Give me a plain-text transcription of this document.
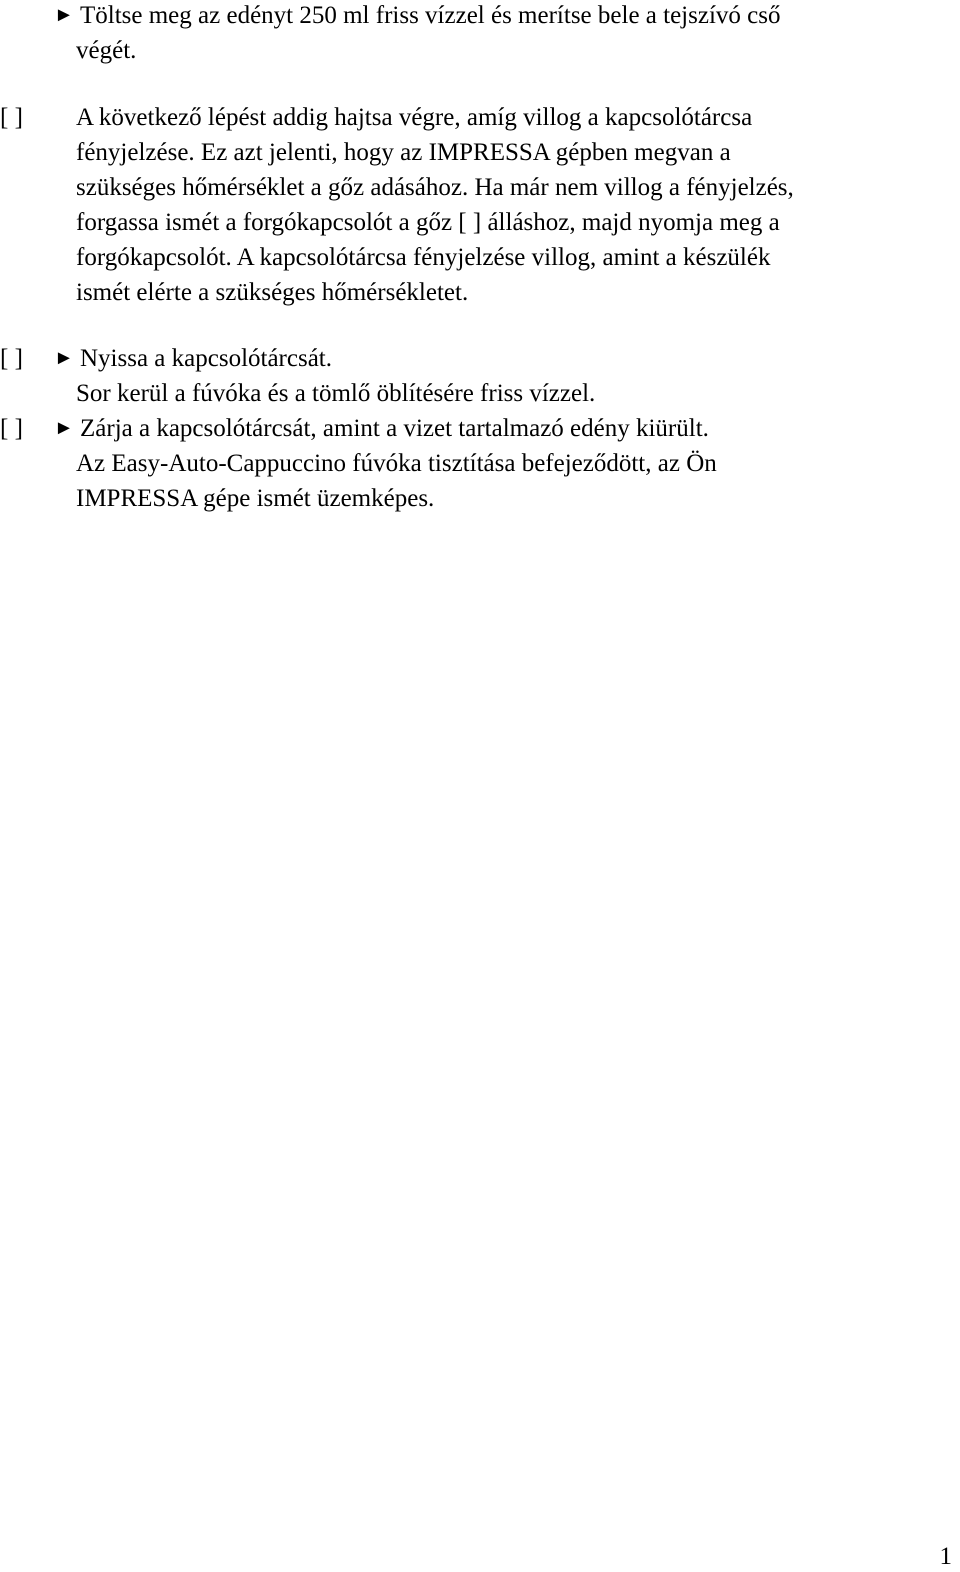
► Töltse meg az edényt 250 ml friss vízzel és merítse bele a tejszívó cső

végét.

[ ] A következő lépést addig hajtsa végre, amíg villog a kapcsolótárcsa

fényjelzése. Ez azt jelenti, hogy az IMPRESSA gépben megvan a

szükséges hőmérséklet a gőz adásához. Ha már nem villog a fényjelzés,

forgassa ismét a forgókapcsolót a gőz [ ] álláshoz, majd nyomja meg a

forgókapcsolót. A kapcsolótárcsa fényjelzése villog, amint a készülék

ismét elérte a szükséges hőmérsékletet.

[ ] ► Nyissa a kapcsolótárcsát.

Sor kerül a fúvóka és a tömlő öblítésére friss vízzel.

[ ] ► Zárja a kapcsolótárcsát, amint a vizet tartalmazó edény kiürült.

Az Easy-Auto-Cappuccino fúvóka tisztítása befejeződött, az Ön

IMPRESSA gépe ismét üzemképes.

1
